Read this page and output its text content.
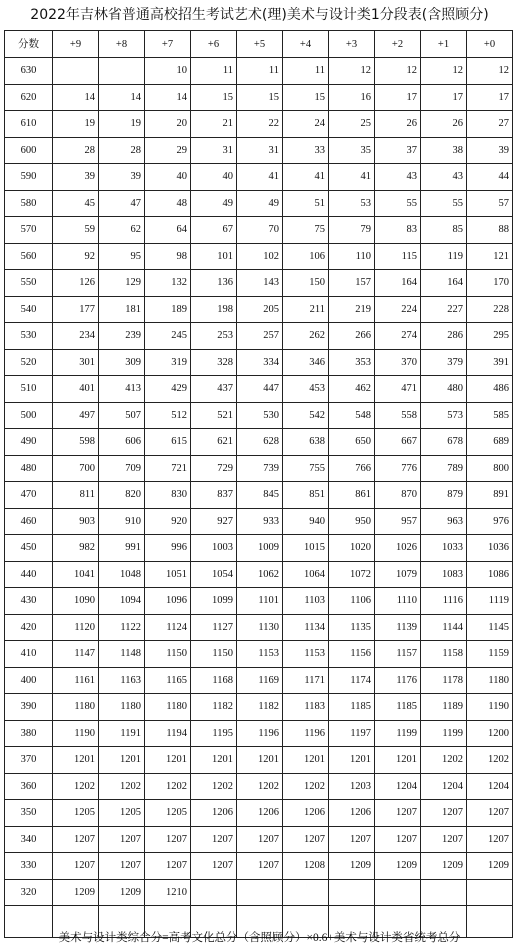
2022年吉林省普通高校招生考试艺术(理)美术与设计类1分段表(含照顾分)
分数	+9	+8	+7	+6	+5	+4	+3	+2	+1	+0
630			10	11	11	11	12	12	12	12
620	14	14	14	15	15	15	16	17	17	17
610	19	19	20	21	22	24	25	26	26	27
600	28	28	29	31	31	33	35	37	38	39
590	39	39	40	40	41	41	41	43	43	44
580	45	47	48	49	49	51	53	55	55	57
570	59	62	64	67	70	75	79	83	85	88
560	92	95	98	101	102	106	110	115	119	121
550	126	129	132	136	143	150	157	164	164	170
540	177	181	189	198	205	211	219	224	227	228
530	234	239	245	253	257	262	266	274	286	295
520	301	309	319	328	334	346	353	370	379	391
510	401	413	429	437	447	453	462	471	480	486
500	497	507	512	521	530	542	548	558	573	585
490	598	606	615	621	628	638	650	667	678	689
480	700	709	721	729	739	755	766	776	789	800
470	811	820	830	837	845	851	861	870	879	891
460	903	910	920	927	933	940	950	957	963	976
450	982	991	996	1003	1009	1015	1020	1026	1033	1036
440	1041	1048	1051	1054	1062	1064	1072	1079	1083	1086
430	1090	1094	1096	1099	1101	1103	1106	1110	1116	1119
420	1120	1122	1124	1127	1130	1134	1135	1139	1144	1145
410	1147	1148	1150	1150	1153	1153	1156	1157	1158	1159
400	1161	1163	1165	1168	1169	1171	1174	1176	1178	1180
390	1180	1180	1180	1182	1182	1183	1185	1185	1189	1190
380	1190	1191	1194	1195	1196	1196	1197	1199	1199	1200
370	1201	1201	1201	1201	1201	1201	1201	1201	1202	1202
360	1202	1202	1202	1202	1202	1202	1203	1204	1204	1204
350	1205	1205	1205	1206	1206	1206	1206	1207	1207	1207
340	1207	1207	1207	1207	1207	1207	1207	1207	1207	1207
330	1207	1207	1207	1207	1207	1208	1209	1209	1209	1209
320	1209	1209	1210							

美术与设计类综合分=高考文化总分（含照顾分）×0.6+美术与设计类省统考总分
